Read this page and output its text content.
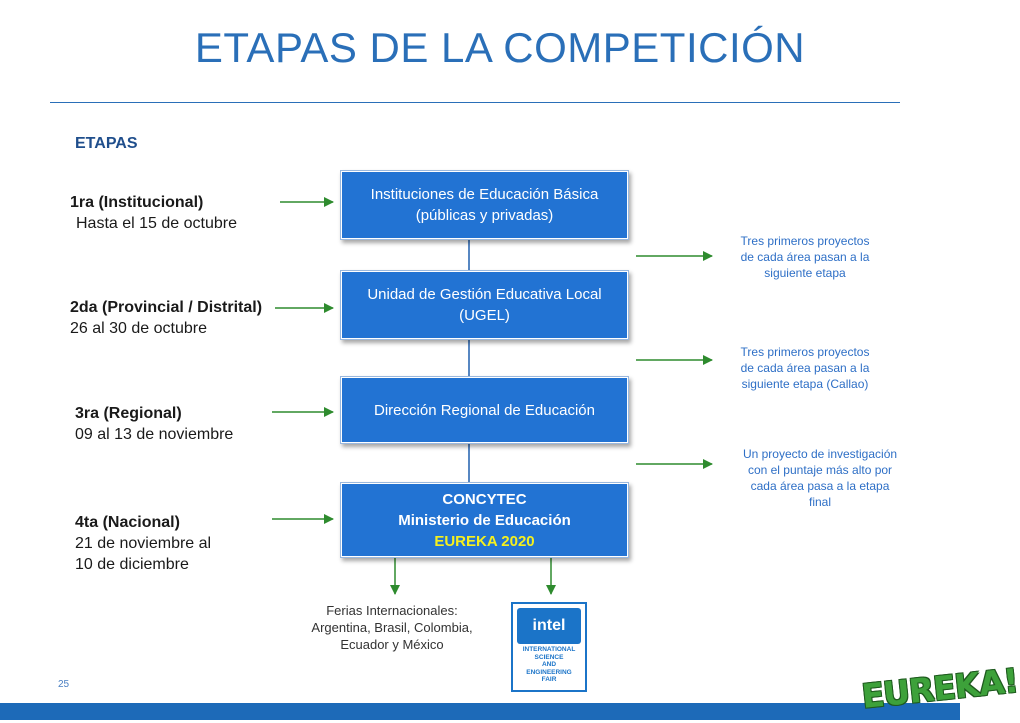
ETAPAS DE LA COMPETICIÓN
ETAPAS
1ra (Institucional)
Hasta el 15 de octubre
2da (Provincial / Distrital)
26 al 30 de octubre
3ra (Regional)
09 al 13 de noviembre
4ta (Nacional)
21 de noviembre al
10 de diciembre
Instituciones de Educación Básica
(públicas y privadas)
Unidad de Gestión Educativa Local
(UGEL)
Dirección Regional de Educación
CONCYTEC
Ministerio de Educación
EUREKA 2020
Tres primeros proyectos
de cada área pasan a la
siguiente etapa
Tres primeros proyectos
de cada área pasan a la
siguiente etapa (Callao)
Un proyecto de investigación
con el puntaje más alto por
cada área pasa a la etapa
final
Ferias Internacionales:
Argentina, Brasil, Colombia,
Ecuador y México
intel
INTERNATIONAL
SCIENCE
AND
ENGINEERING
FAIR
25	EUREKA!
